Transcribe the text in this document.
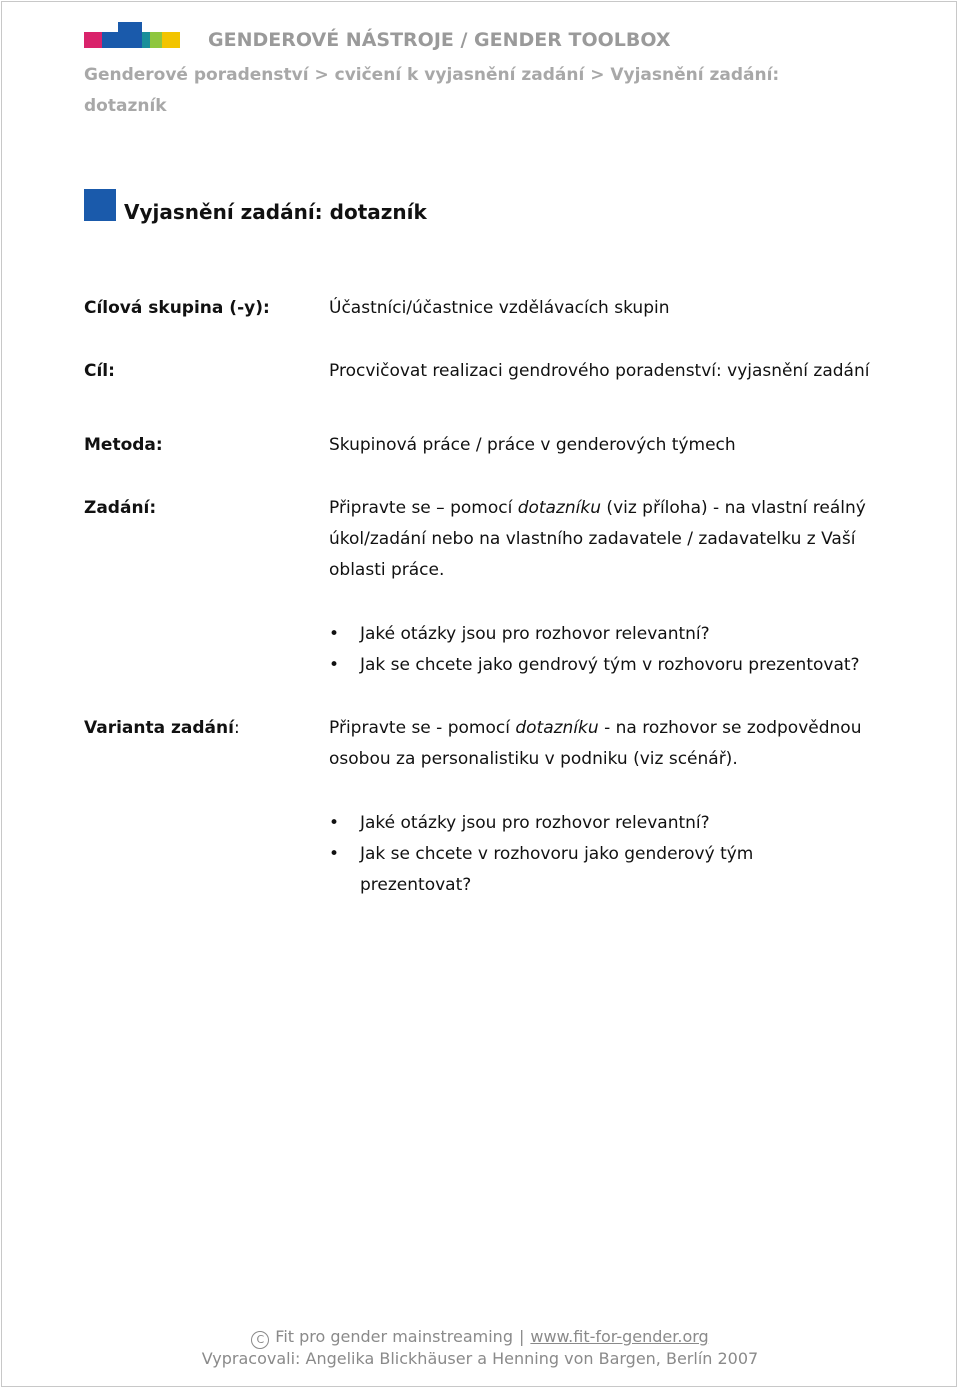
GENDEROVÉ NÁSTROJE / GENDER TOOLBOX
Genderové poradenství > cvičení k vyjasnění zadání > Vyjasnění zadání: dotazník
Vyjasnění zadání: dotazník
Cílová skupina (-y):	Účastníci/účastnice vzdělávacích skupin
Cíl:	Procvičovat realizaci gendrového poradenství: vyjasnění zadání
Metoda:	Skupinová práce / práce v genderových týmech
Zadání:	Připravte se – pomocí dotazníku (viz příloha) - na vlastní reálný úkol/zadání nebo na vlastního zadavatele / zadavatelku z Vaší oblasti práce.
• Jaké otázky jsou pro rozhovor relevantní?
• Jak se chcete jako gendrový tým v rozhovoru prezentovat?
Varianta zadání:	Připravte se - pomocí dotazníku - na rozhovor se zodpovědnou osobou za personalistiku v podniku (viz scénář).
• Jaké otázky jsou pro rozhovor relevantní?
• Jak se chcete v rozhovoru jako genderový tým prezentovat?
C Fit pro gender mainstreaming | www.fit-for-gender.org
Vypracovali: Angelika Blickhäuser a Henning von Bargen, Berlín 2007
